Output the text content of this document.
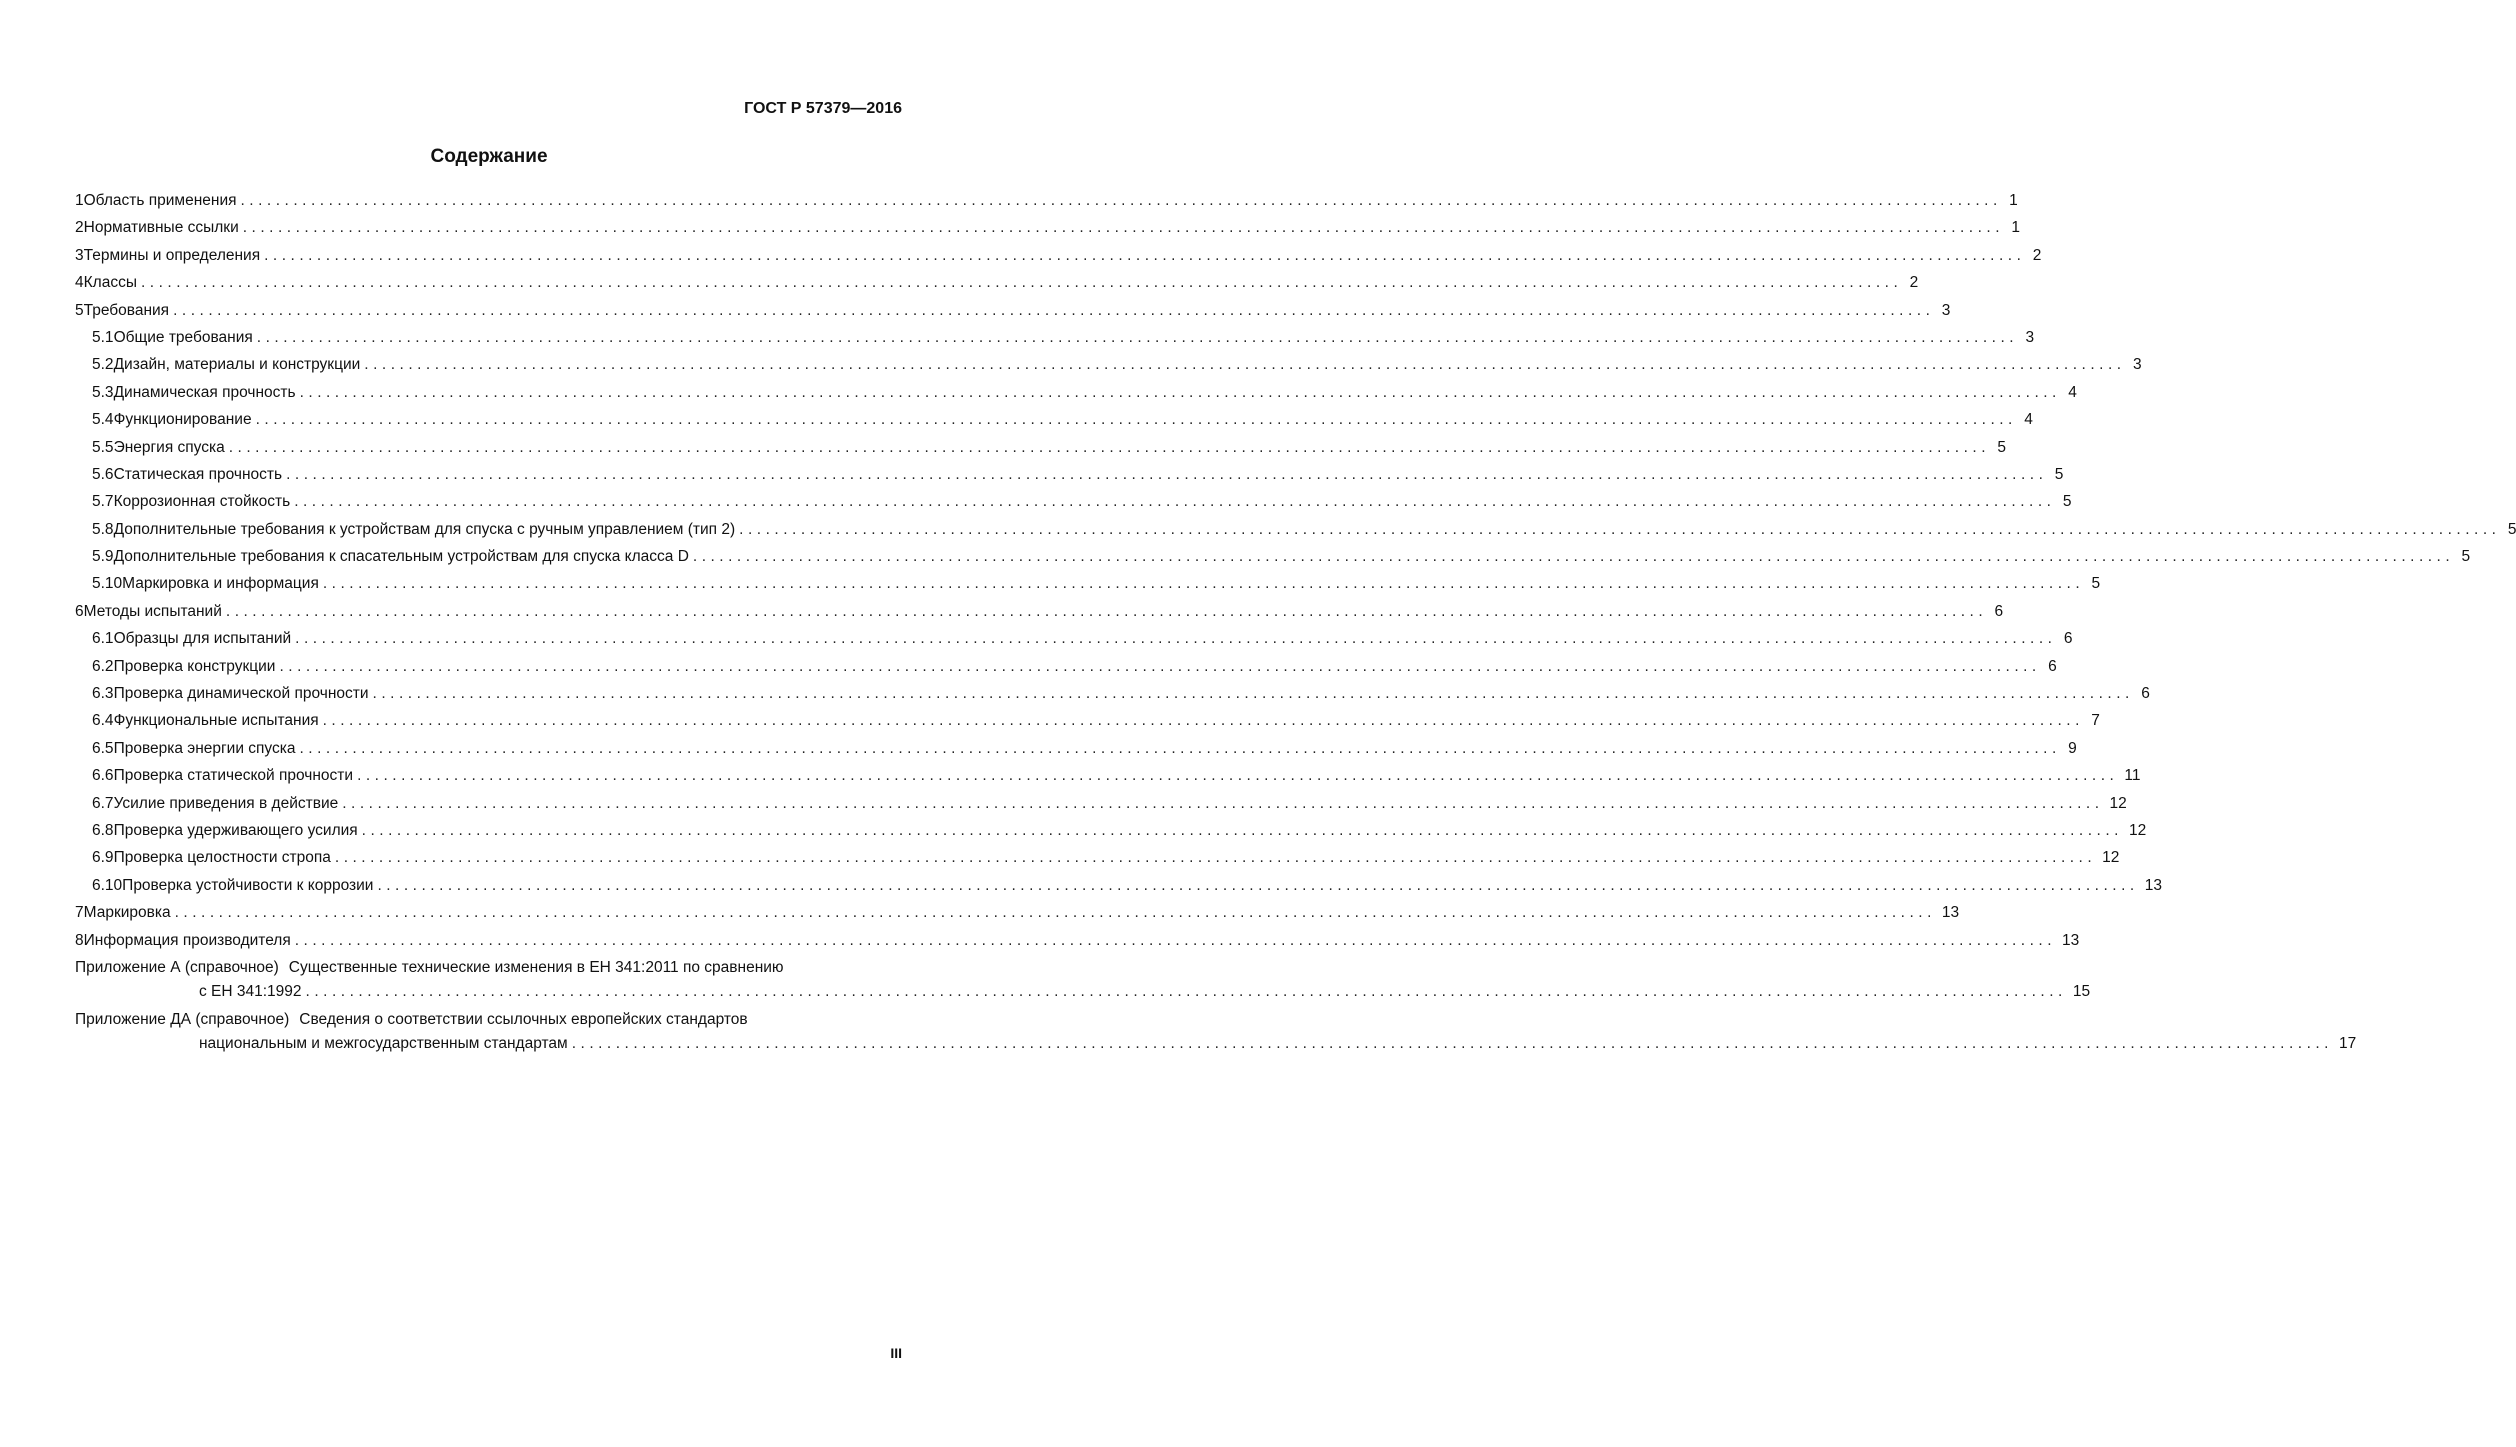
ГОСТ Р 57379—2016
Содержание
1 Область применения ........................................................................................................................................................................................................ 1
2 Нормативные ссылки ........................................................................................................................................................................................................ 1
3 Термины и определения ........................................................................................................................................................................................................ 2
4 Классы ........................................................................................................................................................................................................ 2
5 Требования ........................................................................................................................................................................................................ 3
5.1 Общие требования ........................................................................................................................................................................................................ 3
5.2 Дизайн, материалы и конструкции ........................................................................................................................................................................................................ 3
5.3 Динамическая прочность ........................................................................................................................................................................................................ 4
5.4 Функционирование ........................................................................................................................................................................................................ 4
5.5 Энергия спуска ........................................................................................................................................................................................................ 5
5.6 Статическая прочность ........................................................................................................................................................................................................ 5
5.7 Коррозионная стойкость ........................................................................................................................................................................................................ 5
5.8 Дополнительные требования к устройствам для спуска с ручным управлением (тип 2) ........................................................................................................................................................................................................ 5
5.9 Дополнительные требования к спасательным устройствам для спуска класса D ........................................................................................................................................................................................................ 5
5.10 Маркировка и информация ........................................................................................................................................................................................................ 5
6 Методы испытаний ........................................................................................................................................................................................................ 6
6.1 Образцы для испытаний ........................................................................................................................................................................................................ 6
6.2 Проверка конструкции ........................................................................................................................................................................................................ 6
6.3 Проверка динамической прочности ........................................................................................................................................................................................................ 6
6.4 Функциональные испытания ........................................................................................................................................................................................................ 7
6.5 Проверка энергии спуска ........................................................................................................................................................................................................ 9
6.6 Проверка статической прочности ........................................................................................................................................................................................................ 11
6.7 Усилие приведения в действие ........................................................................................................................................................................................................ 12
6.8 Проверка удерживающего усилия ........................................................................................................................................................................................................ 12
6.9 Проверка целостности стропа ........................................................................................................................................................................................................ 12
6.10 Проверка устойчивости к коррозии ........................................................................................................................................................................................................ 13
7 Маркировка ........................................................................................................................................................................................................ 13
8 Информация производителя ........................................................................................................................................................................................................ 13
Приложение А (справочное) Существенные технические изменения в ЕН 341:2011 по сравнению
с ЕН 341:1992 ........................................................................................................................................................................................................ 15
Приложение ДА (справочное) Сведения о соответствии ссылочных европейских стандартов
национальным и межгосударственным стандартам ........................................................................................................................................................................................................ 17
III
